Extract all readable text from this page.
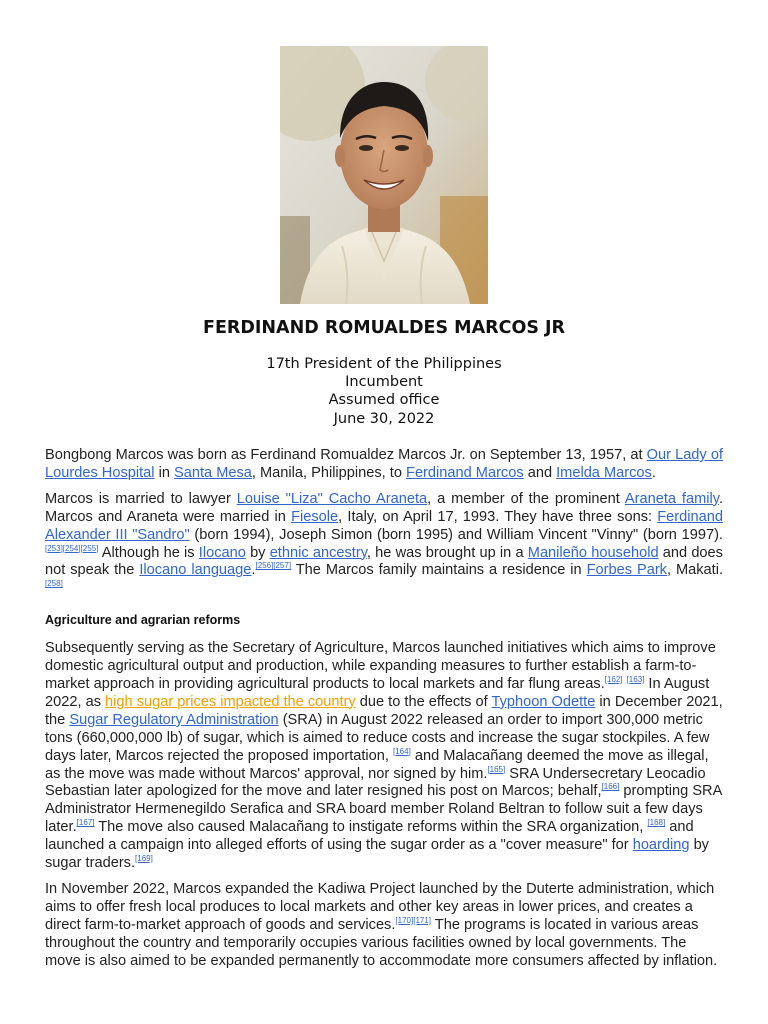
FERDINAND ROMUALDES MARCOS JR
17th President of the Philippines
Incumbent
Assumed office
June 30, 2022

Bongbong Marcos was born as Ferdinand Romualdez Marcos Jr. on September 13, 1957, at Our Lady of Lourdes Hospital in Santa Mesa, Manila, Philippines, to Ferdinand Marcos and Imelda Marcos.

Marcos is married to lawyer Louise "Liza" Cacho Araneta, a member of the prominent Araneta family. Marcos and Araneta were married in Fiesole, Italy, on April 17, 1993. They have three sons: Ferdinand Alexander III "Sandro" (born 1994), Joseph Simon (born 1995) and William Vincent "Vinny" (born 1997).[253][254][255] Although he is Ilocano by ethnic ancestry, he was brought up in a Manileño household and does not speak the Ilocano language.[256][257] The Marcos family maintains a residence in Forbes Park, Makati.[258]

Agriculture and agrarian reforms

Subsequently serving as the Secretary of Agriculture, Marcos launched initiatives which aims to improve domestic agricultural output and production, while expanding measures to further establish a farm-to-market approach in providing agricultural products to local markets and far flung areas.[162] [163] In August 2022, as high sugar prices impacted the country due to the effects of Typhoon Odette in December 2021, the Sugar Regulatory Administration (SRA) in August 2022 released an order to import 300,000 metric tons (660,000,000 lb) of sugar, which is aimed to reduce costs and increase the sugar stockpiles. A few days later, Marcos rejected the proposed importation, [164] and Malacañang deemed the move as illegal, as the move was made without Marcos' approval, nor signed by him.[165] SRA Undersecretary Leocadio Sebastian later apologized for the move and later resigned his post on Marcos; behalf,[166] prompting SRA Administrator Hermenegildo Serafica and SRA board member Roland Beltran to follow suit a few days later.[167] The move also caused Malacañang to instigate reforms within the SRA organization, [168] and launched a campaign into alleged efforts of using the sugar order as a "cover measure" for hoarding by sugar traders.[169]

In November 2022, Marcos expanded the Kadiwa Project launched by the Duterte administration, which aims to offer fresh local produces to local markets and other key areas in lower prices, and creates a direct farm-to-market approach of goods and services.[170][171] The programs is located in various areas throughout the country and temporarily occupies various facilities owned by local governments. The move is also aimed to be expanded permanently to accommodate more consumers affected by inflation.
